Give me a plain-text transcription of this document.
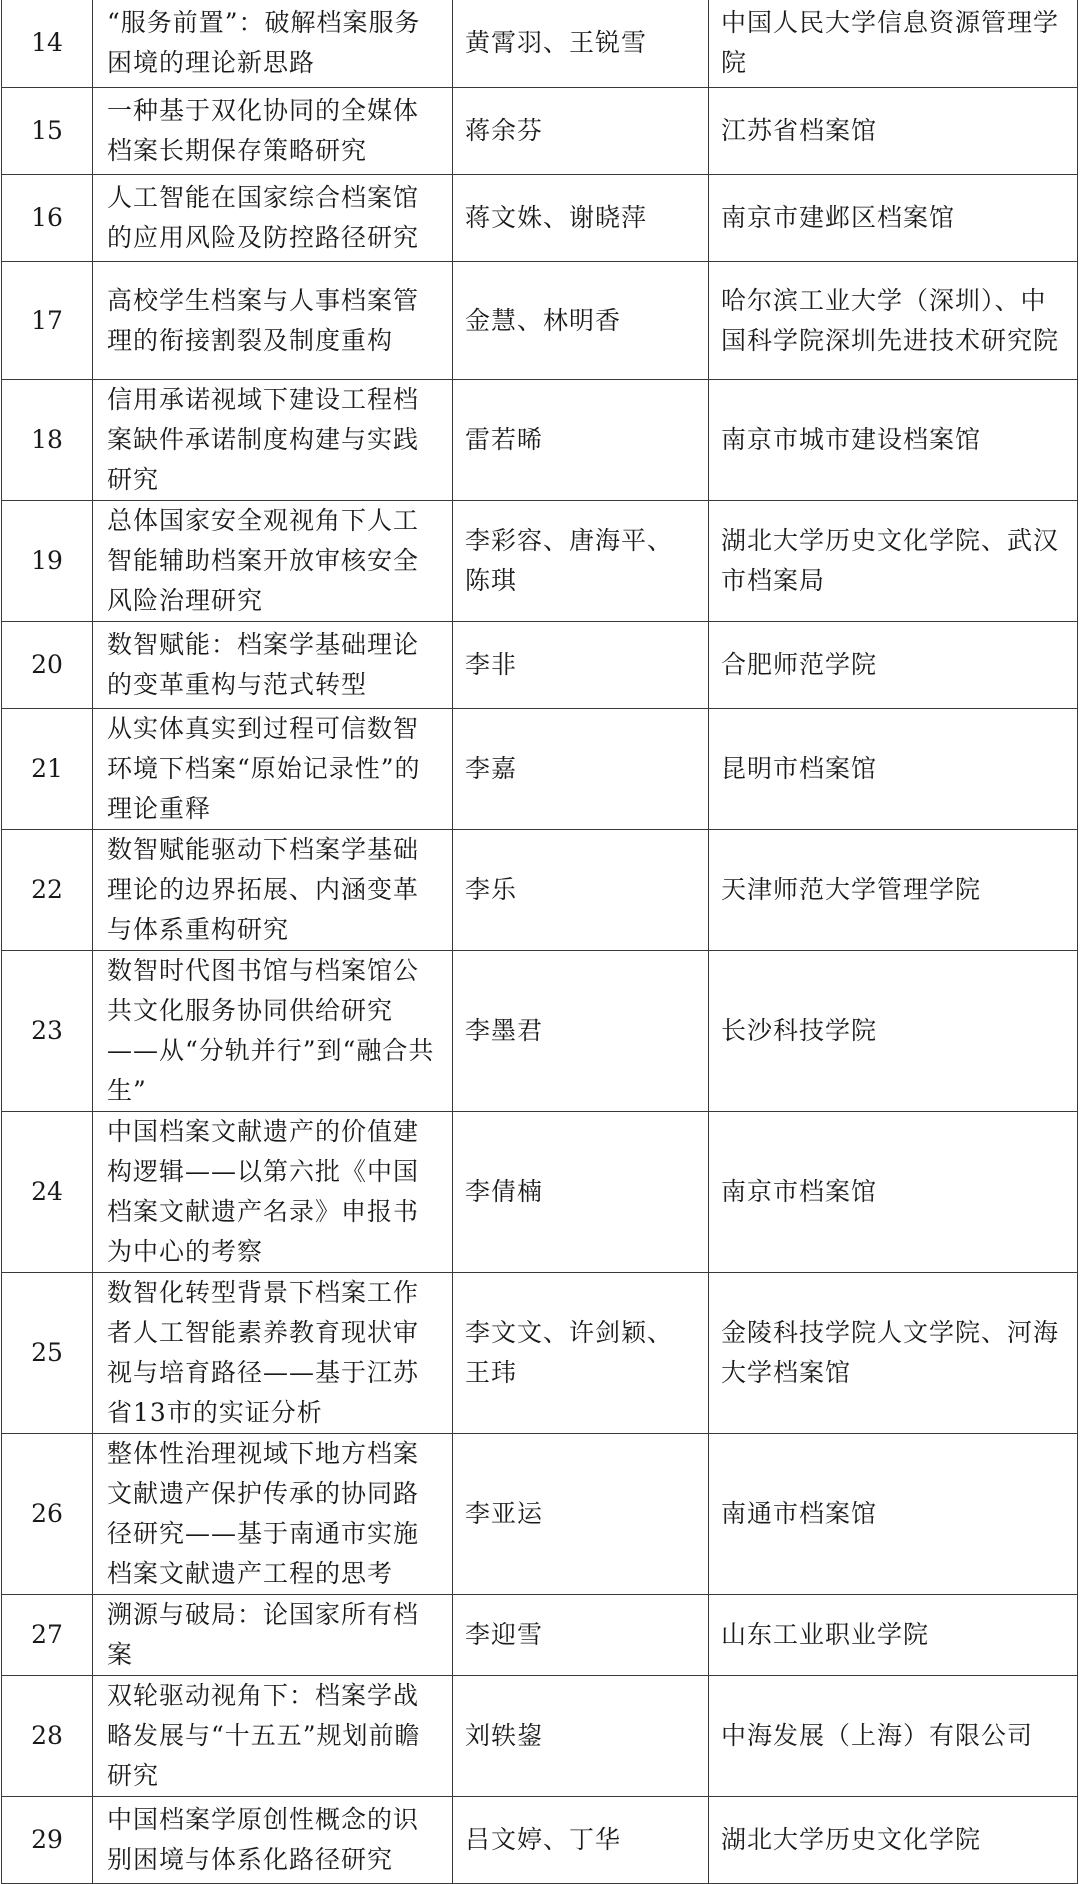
14	“服务前置”：破解档案服务困境的理论新思路	黄霄羽、王锐雪	中国人民大学信息资源管理学院
15	一种基于双化协同的全媒体档案长期保存策略研究	蒋余芬	江苏省档案馆
16	人工智能在国家综合档案馆的应用风险及防控路径研究	蒋文姝、谢晓萍	南京市建邺区档案馆
17	高校学生档案与人事档案管理的衔接割裂及制度重构	金慧、林明香	哈尔滨工业大学（深圳）、中国科学院深圳先进技术研究院
18	信用承诺视域下建设工程档案缺件承诺制度构建与实践研究	雷若晞	南京市城市建设档案馆
19	总体国家安全观视角下人工智能辅助档案开放审核安全风险治理研究	李彩容、唐海平、陈琪	湖北大学历史文化学院、武汉市档案局
20	数智赋能：档案学基础理论的变革重构与范式转型	李非	合肥师范学院
21	从实体真实到过程可信数智环境下档案“原始记录性”的理论重释	李嘉	昆明市档案馆
22	数智赋能驱动下档案学基础理论的边界拓展、内涵变革与体系重构研究	李乐	天津师范大学管理学院
23	数智时代图书馆与档案馆公共文化服务协同供给研究——从“分轨并行”到“融合共生”	李墨君	长沙科技学院
24	中国档案文献遗产的价值建构逻辑——以第六批《中国档案文献遗产名录》申报书为中心的考察	李倩楠	南京市档案馆
25	数智化转型背景下档案工作者人工智能素养教育现状审视与培育路径——基于江苏省13市的实证分析	李文文、许剑颖、王玮	金陵科技学院人文学院、河海大学档案馆
26	整体性治理视域下地方档案文献遗产保护传承的协同路径研究——基于南通市实施档案文献遗产工程的思考	李亚运	南通市档案馆
27	溯源与破局：论国家所有档案	李迎雪	山东工业职业学院
28	双轮驱动视角下：档案学战略发展与“十五五”规划前瞻研究	刘轶鋆	中海发展（上海）有限公司
29	中国档案学原创性概念的识别困境与体系化路径研究	吕文婷、丁华	湖北大学历史文化学院
